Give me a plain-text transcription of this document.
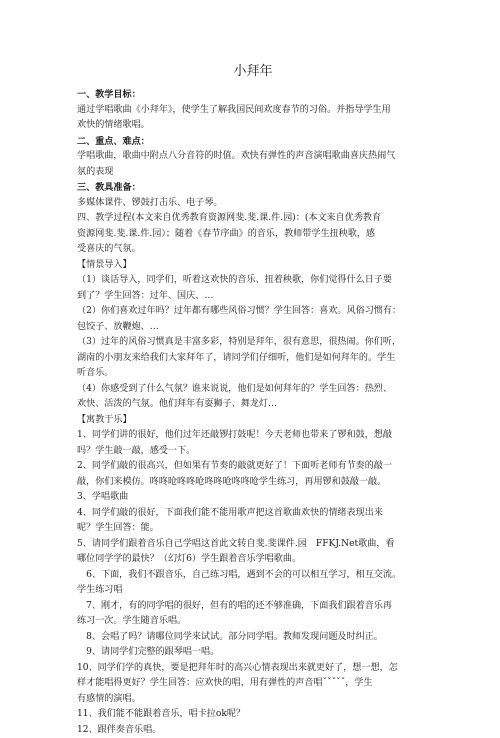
小拜年

一、教学目标：

通过学唱歌曲《小拜年》，使学生了解我国民间欢度春节的习俗。并指导学生用

欢快的情绪歌唱。

二、重点、难点：

学唱歌曲，歌曲中附点八分音符的时值。欢快有弹性的声音演唱歌曲喜庆热闹气

氛的表现

三、教具准备：

多媒体课件、锣鼓打击乐、电子琴。

四、教学过程(本文来自优秀教育资源网斐.斐.课.件.园)：(本文来自优秀教育

资源网斐.斐.课.件.园）；随着《春节序曲》的音乐，教师带学生扭秧歌，感

受喜庆的气氛。

【情景导入】

（1）谈话导入，同学们，听着这欢快的音乐、扭着秧歌，你们觉得什么日子要

到了？学生回答：过年、国庆、…

（2）你们喜欢过年吗？过年都有哪些风俗习惯？学生回答：喜欢。风俗习惯有：

包饺子、放鞭炮、…

（3）过年的风俗习惯真是丰富多彩，特别是拜年，很有意思，很热闹。你们听，

湖南的小朋友来给我们大家拜年了，请同学们仔细听，他们是如何拜年的。学生

听音乐。

（4）你感受到了什么气氛？谁来说说，他们是如何拜年的？学生回答：热烈、

欢快、活泼的气氛。他们拜年有耍狮子、舞龙灯…

【寓教于乐】

1、同学们讲的很好，他们过年还敲锣打鼓呢！今天老师也带来了锣和鼓，想敲

吗？学生敲一敲，感受一下。

2、同学们敲的很高兴，但如果有节奏的敲就更好了！下面听老师有节奏的敲一

敲，你们来模仿。咚咚呛咚咚呛咚咚呛咚咚呛学生练习，再用锣和鼓敲一敲。

3、学唱歌曲

4、同学们敲的很好，下面我们能不能用歌声把这首歌曲欢快的情绪表现出来

呢？学生回答：能。

5、请同学们跟着音乐自己学唱这首此文转自斐.斐课件.园　FFKJ.Net歌曲，看

哪位同学学的最快？（幻灯6）学生跟着音乐学唱歌曲。

　6、下面，我们不跟音乐，自己练习唱，遇到不会的可以相互学习，相互交流。

学生练习唱

　7、刚才，有的同学唱的很好，但有的唱的还不够准确，下面我们跟着音乐再

练习一次。学生随音乐唱。

　8、会唱了吗？请哪位同学来试试。部分同学唱。教师发现问题及时纠正。

　9、请同学们完整的跟琴唱一唱。

10、同学们学的真快，要是把拜年时的高兴心情表现出来就更好了，想一想，怎

样才能唱得更好？学生回答：应欢快的唱，用有弹性的声音唱ˇˇˇˇˇ，学生

有感情的演唱。

11、我们能不能跟着音乐，唱卡拉ok呢？

12、跟伴奏音乐唱。
